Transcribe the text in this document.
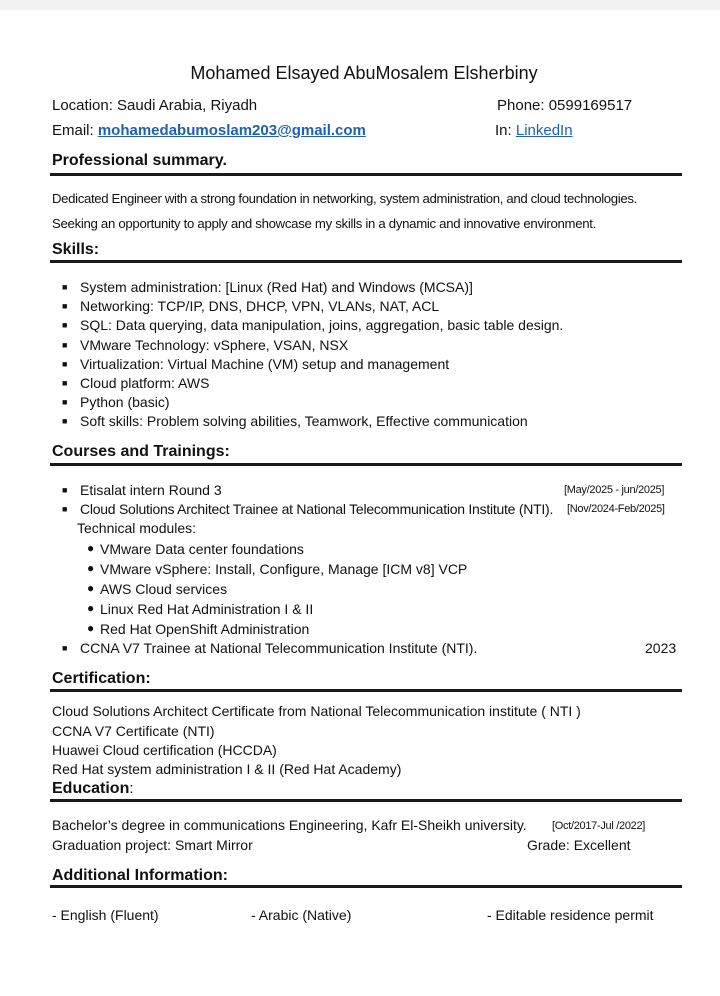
Mohamed Elsayed AbuMosalem Elsherbiny
Location: Saudi Arabia, Riyadh	Phone: 0599169517
Email: mohamedabumoslam203@gmail.com	In: LinkedIn
Professional summary.
Dedicated Engineer with a strong foundation in networking, system administration, and cloud technologies.
Seeking an opportunity to apply and showcase my skills in a dynamic and innovative environment.
Skills:
■ System administration: [Linux (Red Hat) and Windows (MCSA)]
■ Networking: TCP/IP, DNS, DHCP, VPN, VLANs, NAT, ACL
■ SQL: Data querying, data manipulation, joins, aggregation, basic table design.
■ VMware Technology: vSphere, VSAN, NSX
■ Virtualization: Virtual Machine (VM) setup and management
■ Cloud platform: AWS
■ Python (basic)
■ Soft skills: Problem solving abilities, Teamwork, Effective communication
Courses and Trainings:
■ Etisalat intern Round 3	[May/2025 - jun/2025]
■ Cloud Solutions Architect Trainee at National Telecommunication Institute (NTI). [Nov/2024-Feb/2025]
Technical modules:
● VMware Data center foundations
● VMware vSphere: Install, Configure, Manage [ICM v8] VCP
● AWS Cloud services
● Linux Red Hat Administration I & II
● Red Hat OpenShift Administration
■ CCNA V7 Trainee at National Telecommunication Institute (NTI).	2023
Certification:
Cloud Solutions Architect Certificate from National Telecommunication institute ( NTI )
CCNA V7 Certificate (NTI)
Huawei Cloud certification (HCCDA)
Red Hat system administration I & II (Red Hat Academy)
Education:
Bachelor’s degree in communications Engineering, Kafr El-Sheikh university. [Oct/2017-Jul /2022]
Graduation project: Smart Mirror	Grade: Excellent
Additional Information:
- English (Fluent)	- Arabic (Native)	- Editable residence permit
